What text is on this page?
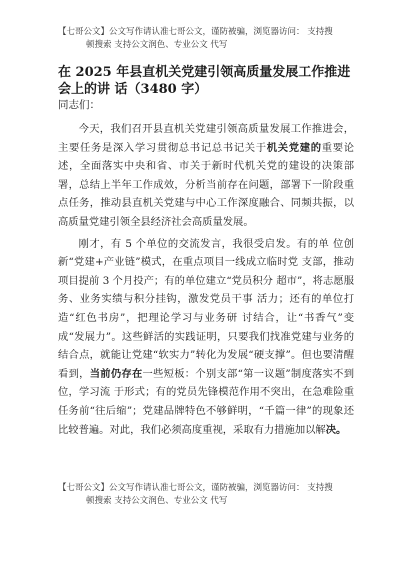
【七哥公文】公文写作请认准七哥公文，谨防被骗，浏览器访问： 支持搜
顿搜索 支持公文润色、专业公文 代写
在 2025 年县直机关党建引领高质量发展工作推进会上的讲 话（3480 字）
同志们：

今天，我们召开县直机关党建引领高质量发展工作推进会，主要任务是深入学习贯彻总书记总书记关于机关党建的重要论述，全面落实中央和省、市关于新时代机关党的建设的决策部署，总结上半年工作成效，分析当前存在问题，部署下一阶段重点任务，推动县直机关党建与中心工作深度融合、同频共振，以高质量党建引领全县经济社会高质量发展。

刚才，有 5 个单位的交流发言，我很受启发。有的单 位创新“党建+产业链”模式，在重点项目一线成立临时党 支部，推动项目提前 3 个月投产；有的单位建立“党员积分 超市”，将志愿服务、业务实绩与积分挂钩，激发党员干事 活力；还有的单位打造“红色书房”，把理论学习与业务研 讨结合，让“书香气”变成“发展力”。这些鲜活的实践证明，只要我们找准党建与业务的结合点，就能让党建“软实力”转化为发展“硬支撑”。但也要清醒看到，当前仍存在一些短板：个别支部“第一议题”制度落实不到位，学习流 于形式；有的党员先锋模范作用不突出，在急难险重任务前“往后缩”；党建品牌特色不够鲜明，“千篇一律”的现象还 比较普遍。对此，我们必须高度重视，采取有力措施加以解决。

【七哥公文】公文写作请认准七哥公文，谨防被骗，浏览器访问： 支持搜
顿搜索 支持公文润色、专业公文 代写
